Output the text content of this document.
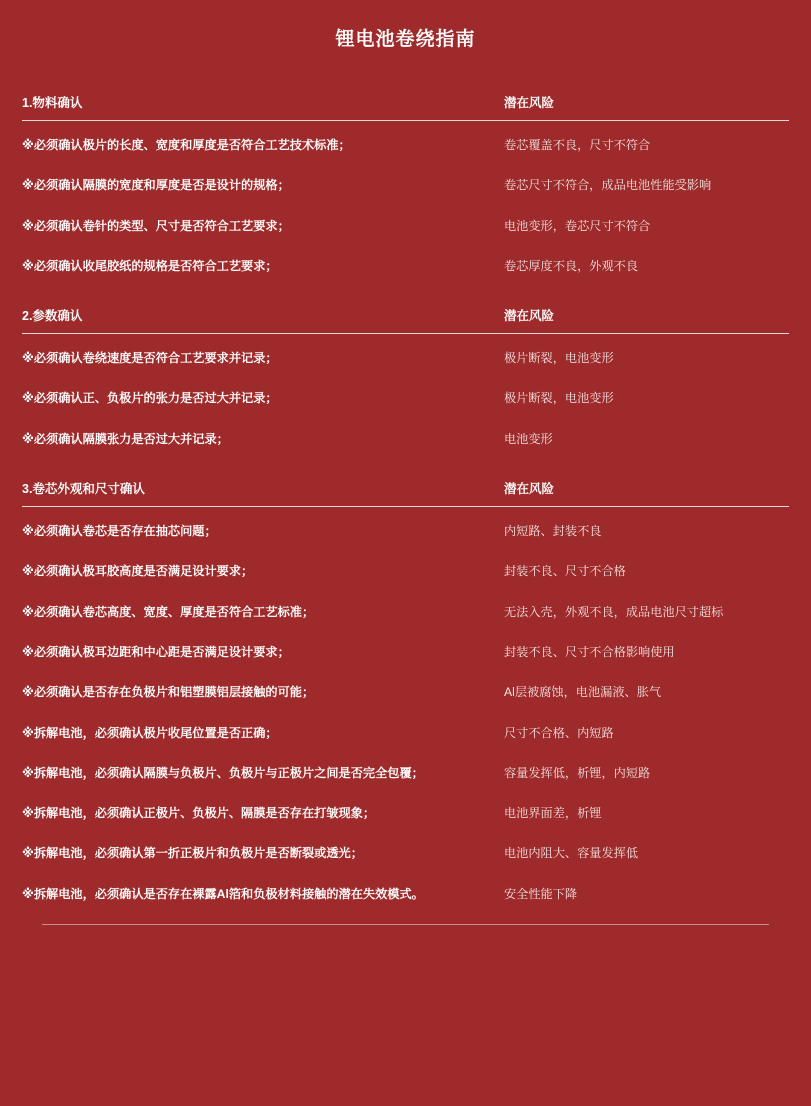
锂电池卷绕指南
1.物料确认	潜在风险
※必须确认极片的长度、宽度和厚度是否符合工艺技术标准；	卷芯覆盖不良，尺寸不符合
※必须确认隔膜的宽度和厚度是否是设计的规格；	卷芯尺寸不符合，成品电池性能受影响
※必须确认卷针的类型、尺寸是否符合工艺要求；	电池变形，卷芯尺寸不符合
※必须确认收尾胶纸的规格是否符合工艺要求；	卷芯厚度不良，外观不良
2.参数确认	潜在风险
※必须确认卷绕速度是否符合工艺要求并记录；	极片断裂，电池变形
※必须确认正、负极片的张力是否过大并记录；	极片断裂，电池变形
※必须确认隔膜张力是否过大并记录；	电池变形
3.卷芯外观和尺寸确认	潜在风险
※必须确认卷芯是否存在抽芯问题；	内短路、封装不良
※必须确认极耳胶高度是否满足设计要求；	封装不良、尺寸不合格
※必须确认卷芯高度、宽度、厚度是否符合工艺标准；	无法入壳，外观不良，成品电池尺寸超标
※必须确认极耳边距和中心距是否满足设计要求；	封装不良、尺寸不合格影响使用
※必须确认是否存在负极片和铝塑膜铝层接触的可能；	Al层被腐蚀，电池漏液、胀气
※拆解电池，必须确认极片收尾位置是否正确；	尺寸不合格、内短路
※拆解电池，必须确认隔膜与负极片、负极片与正极片之间是否完全包覆；	容量发挥低，析锂，内短路
※拆解电池，必须确认正极片、负极片、隔膜是否存在打皱现象；	电池界面差，析锂
※拆解电池，必须确认第一折正极片和负极片是否断裂或透光；	电池内阻大、容量发挥低
※拆解电池，必须确认是否存在裸露Al箔和负极材料接触的潜在失效模式。	安全性能下降
